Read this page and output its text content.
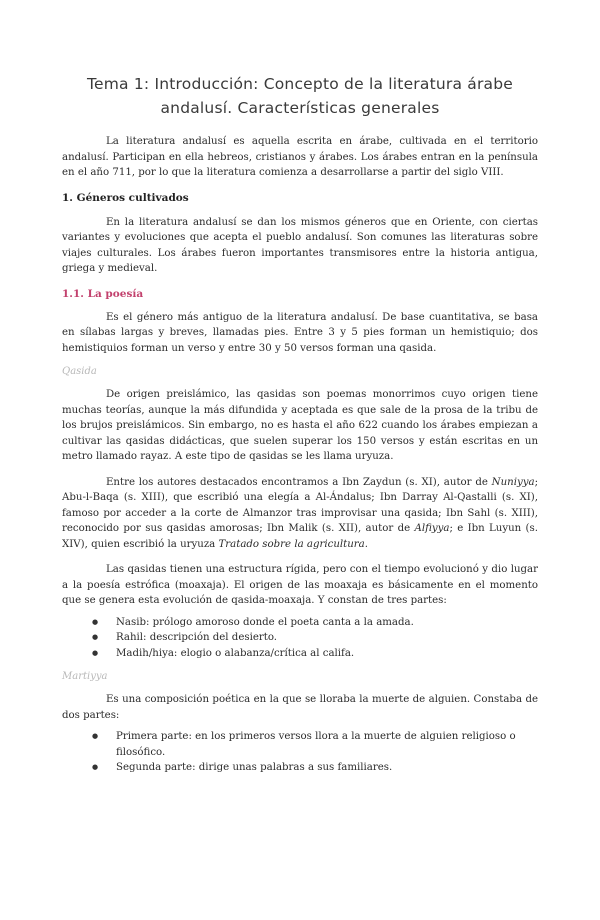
Tema 1: Introducción: Concepto de la literatura árabe andalusí. Características generales

La literatura andalusí es aquella escrita en árabe, cultivada en el territorio andalusí. Participan en ella hebreos, cristianos y árabes. Los árabes entran en la península en el año 711, por lo que la literatura comienza a desarrollarse a partir del siglo VIII.

1. Géneros cultivados

En la literatura andalusí se dan los mismos géneros que en Oriente, con ciertas variantes y evoluciones que acepta el pueblo andalusí. Son comunes las literaturas sobre viajes culturales. Los árabes fueron importantes transmisores entre la historia antigua, griega y medieval.

1.1. La poesía

Es el género más antiguo de la literatura andalusí. De base cuantitativa, se basa en sílabas largas y breves, llamadas pies. Entre 3 y 5 pies forman un hemistiquio; dos hemistiquios forman un verso y entre 30 y 50 versos forman una qasida.

Qasida

De origen preislámico, las qasidas son poemas monorrimos cuyo origen tiene muchas teorías, aunque la más difundida y aceptada es que sale de la prosa de la tribu de los brujos preislámicos. Sin embargo, no es hasta el año 622 cuando los árabes empiezan a cultivar las qasidas didácticas, que suelen superar los 150 versos y están escritas en un metro llamado rayaz. A este tipo de qasidas se les llama uryuza.

Entre los autores destacados encontramos a Ibn Zaydun (s. XI), autor de Nuniyya; Abu-l-Baqa (s. XIII), que escribió una elegía a Al-Ándalus; Ibn Darray Al-Qastalli (s. XI), famoso por acceder a la corte de Almanzor tras improvisar una qasida; Ibn Sahl (s. XIII), reconocido por sus qasidas amorosas; Ibn Malik (s. XII), autor de Alfiyya; e Ibn Luyun (s. XIV), quien escribió la uryuza Tratado sobre la agricultura.

Las qasidas tienen una estructura rígida, pero con el tiempo evolucionó y dio lugar a la poesía estrófica (moaxaja). El origen de las moaxaja es básicamente en el momento que se genera esta evolución de qasida-moaxaja. Y constan de tres partes:

● Nasib: prólogo amoroso donde el poeta canta a la amada.
● Rahil: descripción del desierto.
● Madih/hiya: elogio o alabanza/crítica al califa.
Martiyya

Es una composición poética en la que se lloraba la muerte de alguien. Constaba de dos partes:

● Primera parte: en los primeros versos llora a la muerte de alguien religioso o filosófico.
● Segunda parte: dirige unas palabras a sus familiares.
